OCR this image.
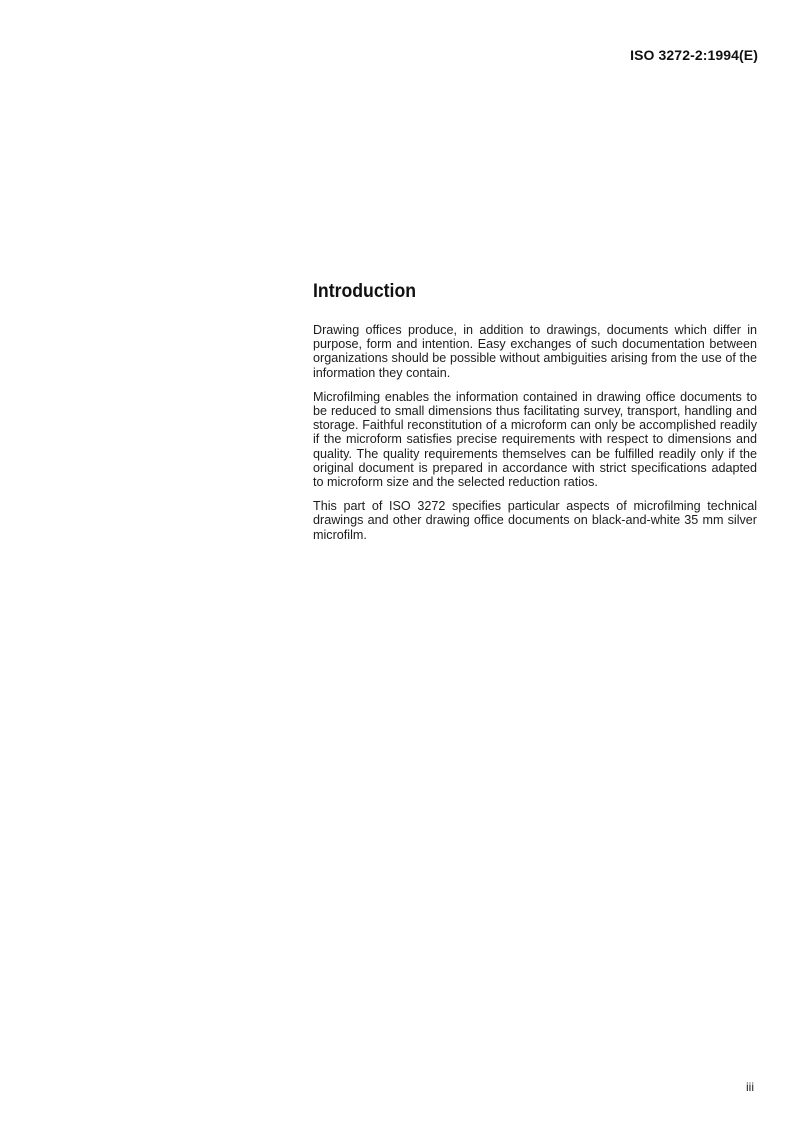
ISO 3272-2:1994(E)
Introduction

Drawing offices produce, in addition to drawings, documents which differ in purpose, form and intention. Easy exchanges of such documentation between organizations should be possible without ambiguities arising from the use of the information they contain.

Microfilming enables the information contained in drawing office documents to be reduced to small dimensions thus facilitating survey, transport, handling and storage. Faithful reconstitution of a microform can only be accomplished readily if the microform satisfies precise requirements with respect to dimensions and quality. The quality requirements themselves can be fulfilled readily only if the original document is prepared in accordance with strict specifications adapted to microform size and the selected reduction ratios.

This part of ISO 3272 specifies particular aspects of microfilming technical drawings and other drawing office documents on black-and-white 35 mm silver microfilm.

iii
